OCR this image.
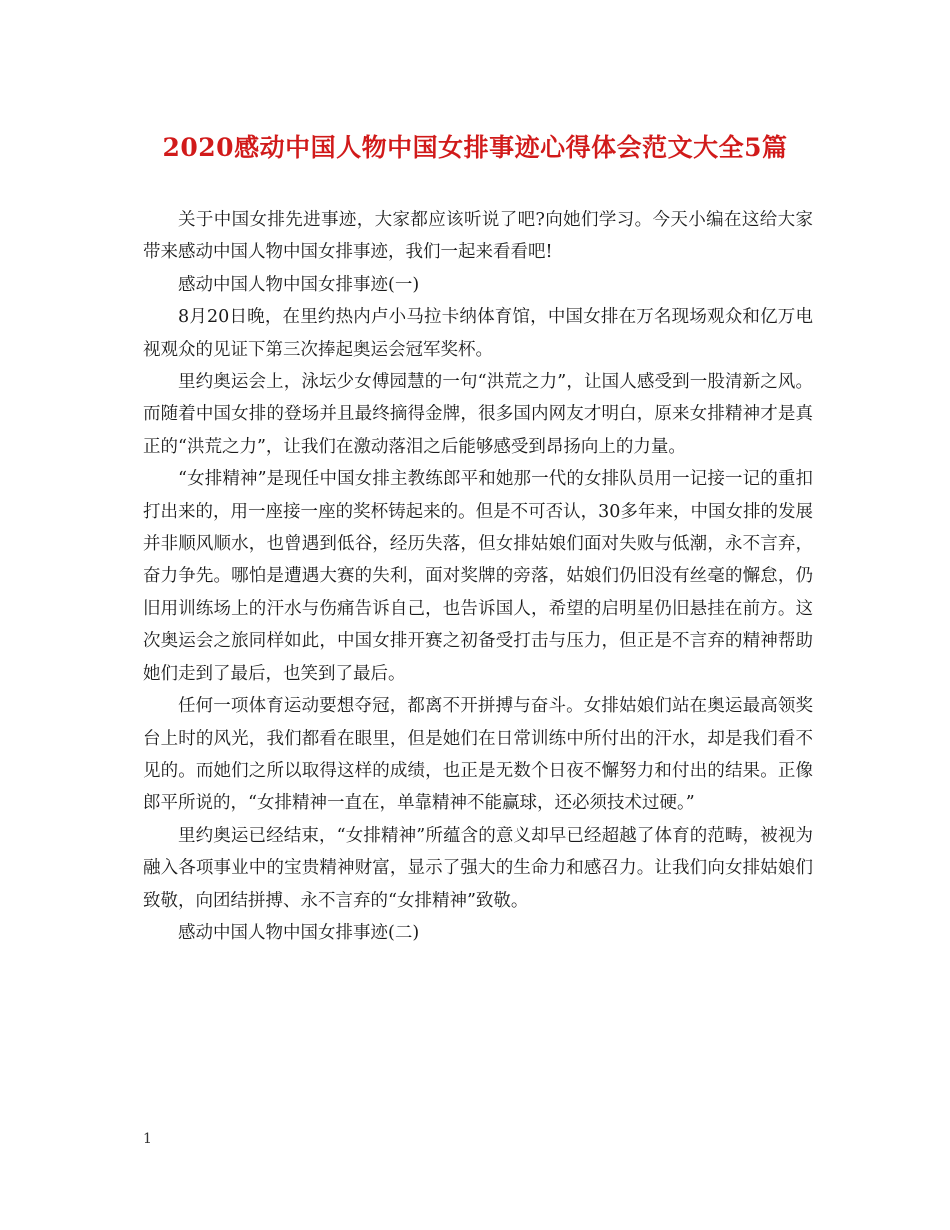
2020感动中国人物中国女排事迹心得体会范文大全5篇

关于中国女排先进事迹，大家都应该听说了吧?向她们学习。今天小编在这给大家带来感动中国人物中国女排事迹，我们一起来看看吧!

感动中国人物中国女排事迹(一)

8月20日晚，在里约热内卢小马拉卡纳体育馆，中国女排在万名现场观众和亿万电视观众的见证下第三次捧起奥运会冠军奖杯。

里约奥运会上，泳坛少女傅园慧的一句“洪荒之力”，让国人感受到一股清新之风。而随着中国女排的登场并且最终摘得金牌，很多国内网友才明白，原来女排精神才是真正的“洪荒之力”，让我们在激动落泪之后能够感受到昂扬向上的力量。

“女排精神”是现任中国女排主教练郎平和她那一代的女排队员用一记接一记的重扣打出来的，用一座接一座的奖杯铸起来的。但是不可否认，30多年来，中国女排的发展并非顺风顺水，也曾遇到低谷，经历失落，但女排姑娘们面对失败与低潮，永不言弃，奋力争先。哪怕是遭遇大赛的失利，面对奖牌的旁落，姑娘们仍旧没有丝毫的懈怠，仍旧用训练场上的汗水与伤痛告诉自己，也告诉国人，希望的启明星仍旧悬挂在前方。这次奥运会之旅同样如此，中国女排开赛之初备受打击与压力，但正是不言弃的精神帮助她们走到了最后，也笑到了最后。

任何一项体育运动要想夺冠，都离不开拼搏与奋斗。女排姑娘们站在奥运最高领奖台上时的风光，我们都看在眼里，但是她们在日常训练中所付出的汗水，却是我们看不见的。而她们之所以取得这样的成绩，也正是无数个日夜不懈努力和付出的结果。正像郎平所说的，“女排精神一直在，单靠精神不能赢球，还必须技术过硬。”

里约奥运已经结束，“女排精神”所蕴含的意义却早已经超越了体育的范畴，被视为融入各项事业中的宝贵精神财富，显示了强大的生命力和感召力。让我们向女排姑娘们致敬，向团结拼搏、永不言弃的“女排精神”致敬。

感动中国人物中国女排事迹(二)

1
